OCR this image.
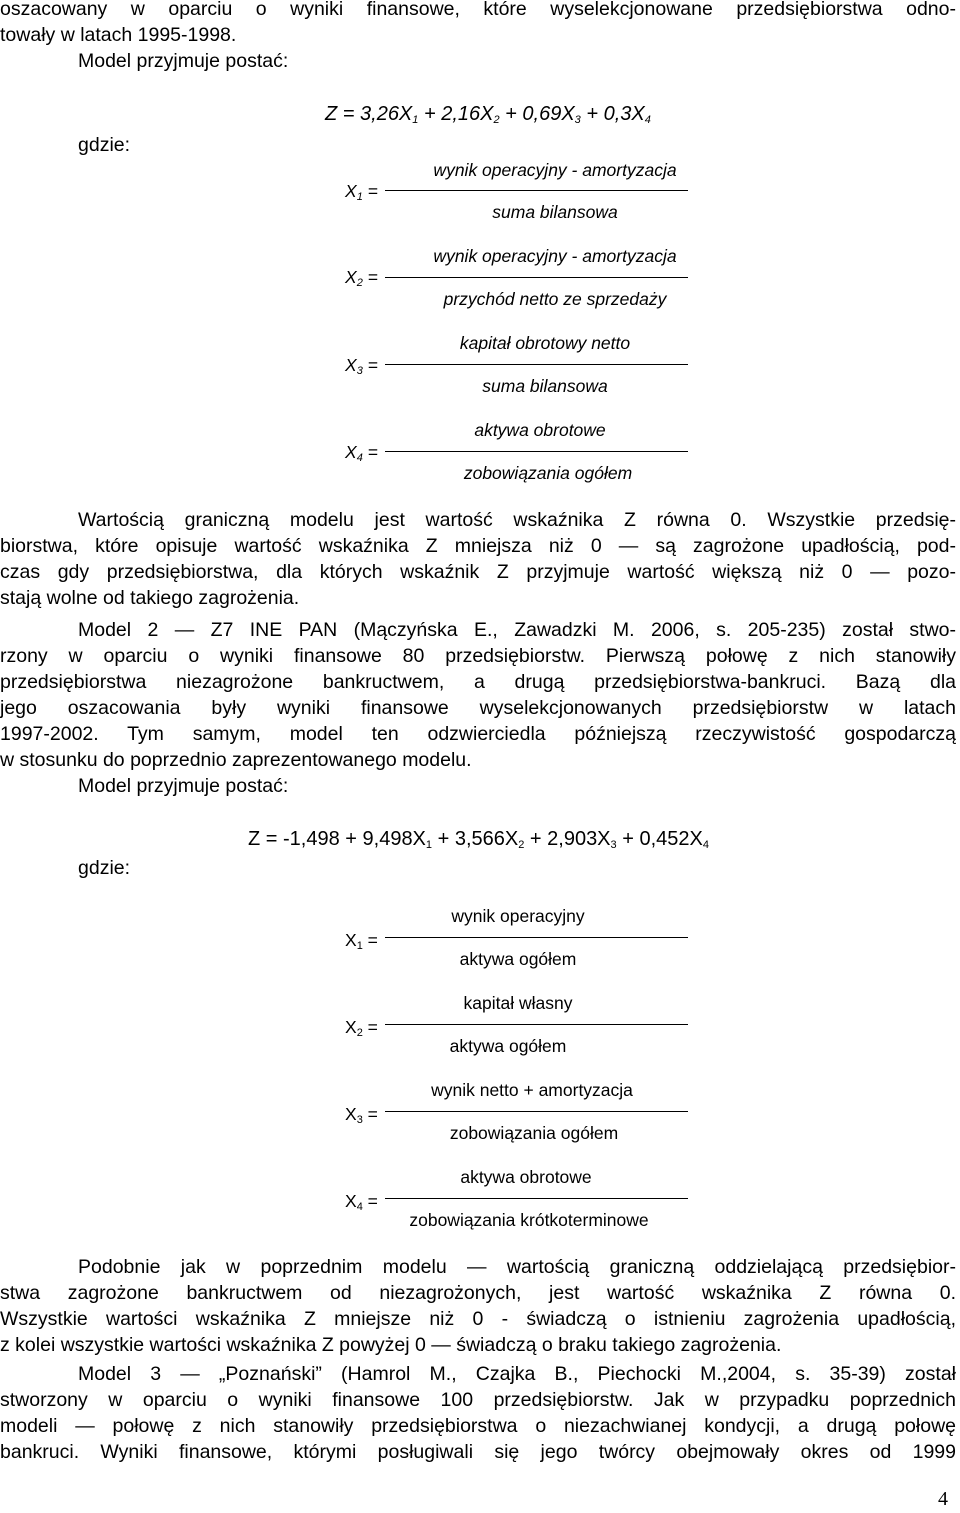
oszacowany w oparciu o wyniki finansowe, które wyselekcjonowane przedsiębiorstwa odno-
towały w latach 1995-1998.
Model przyjmuje postać:
gdzie:
$Z = 3,26X_1 + 2,16X_2 + 0,69X_3 + 0,3X_4$
$X_1$ =
wynik operacyjny - amortyzacja
suma bilansowa
$X_2$ =
wynik operacyjny - amortyzacja
przychód netto ze sprzedaży
$X_3$ =
kapitał obrotowy netto
suma bilansowa
$X_4$ =
aktywa obrotowe
zobowiązania ogółem
Wartością graniczną modelu jest wartość wskaźnika Z równa 0. Wszystkie przedsię-
biorstwa, które opisuje wartość wskaźnika Z mniejsza niż 0 — są zagrożone upadłością, pod-
czas gdy przedsiębiorstwa, dla których wskaźnik Z przyjmuje wartość większą niż 0 — pozo-
stają wolne od takiego zagrożenia.
Model 2 — Z7 INE PAN (Mączyńska E., Zawadzki M. 2006, s. 205-235) został stwo-
rzony w oparciu o wyniki finansowe 80 przedsiębiorstw. Pierwszą połowę z nich stanowiły
przedsiębiorstwa niezagrożone bankructwem, a drugą przedsiębiorstwa-bankruci. Bazą dla
jego oszacowania były wyniki finansowe wyselekcjonowanych przedsiębiorstw w latach
1997-2002. Tym samym, model ten odzwierciedla późniejszą rzeczywistość gospodarczą
w stosunku do poprzednio zaprezentowanego modelu.
Model przyjmuje postać:
$Z = -1,498 + 9,498X_1 + 3,566X_2 + 2,903X_3 + 0,452X_4$
gdzie:
$X_1$ =
wynik operacyjny
aktywa ogółem
$X_2$ =
kapitał własny
aktywa ogółem
$X_3$ =
wynik netto + amortyzacja
zobowiązania ogółem
$X_4$ =
aktywa obrotowe
zobowiązania krótkoterminowe
Podobnie jak w poprzednim modelu — wartością graniczną oddzielającą przedsiębior-
stwa zagrożone bankructwem od niezagrożonych, jest wartość wskaźnika Z równa 0.
Wszystkie wartości wskaźnika Z mniejsze niż 0 - świadczą o istnieniu zagrożenia upadłością,
z kolei wszystkie wartości wskaźnika Z powyżej 0 — świadczą o braku takiego zagrożenia.
Model 3 — „Poznański” (Hamrol M., Czajka B., Piechocki M.,2004, s. 35-39) został
stworzony w oparciu o wyniki finansowe 100 przedsiębiorstw. Jak w przypadku poprzednich
modeli — połowę z nich stanowiły przedsiębiorstwa o niezachwianej kondycji, a drugą połowę
bankruci. Wyniki finansowe, którymi posługiwali się jego twórcy obejmowały okres od 1999
4
